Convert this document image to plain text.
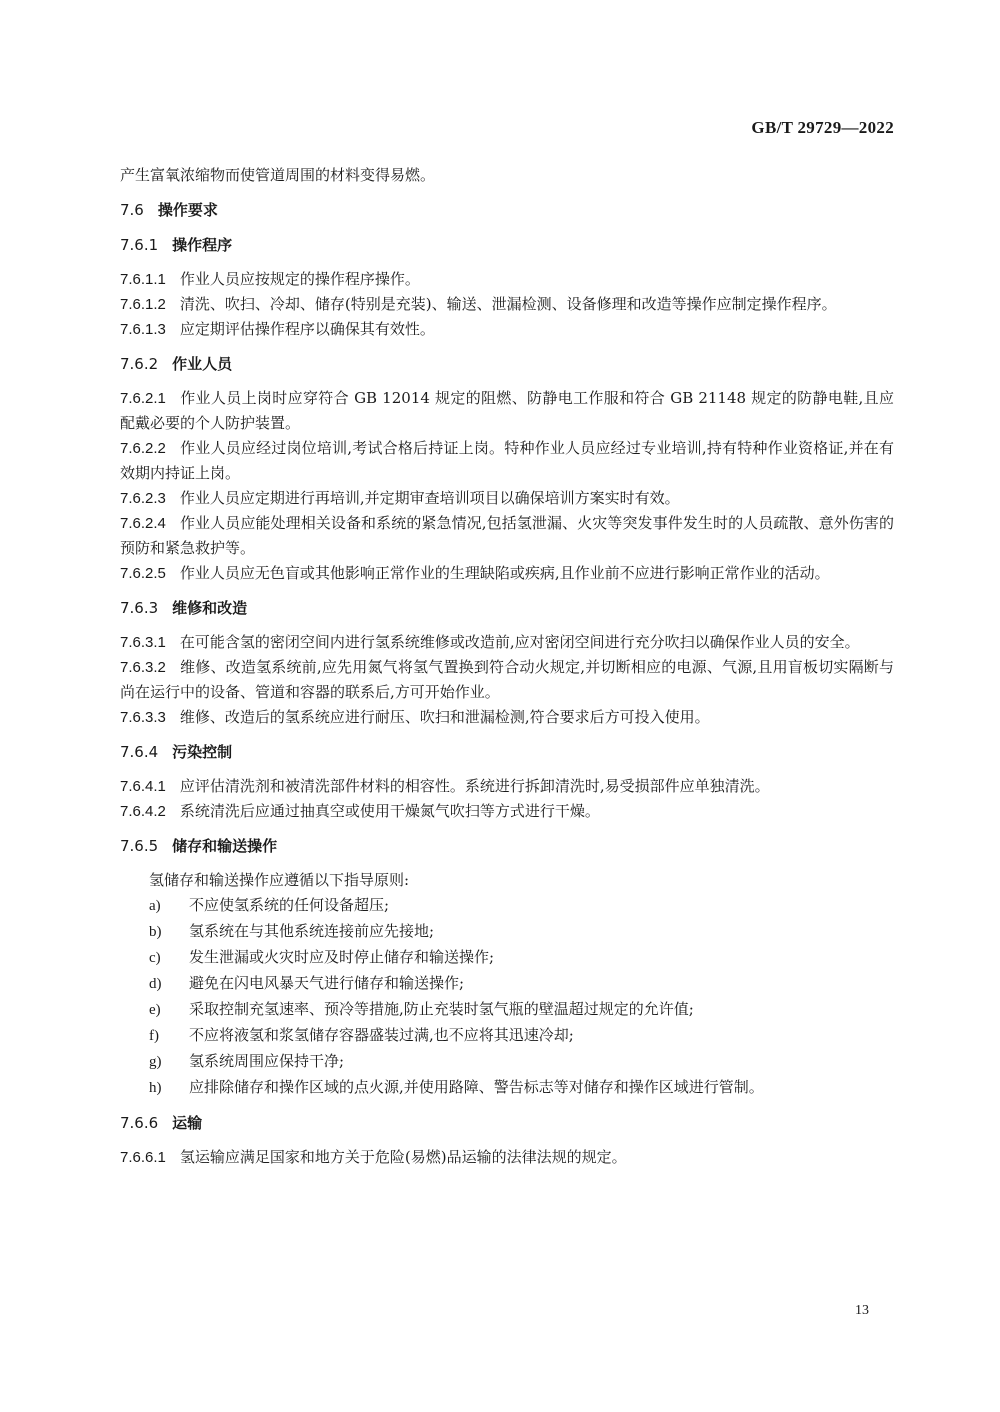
GB/T 29729—2022

产生富氧浓缩物而使管道周围的材料变得易燃。

7.6 操作要求
7.6.1 操作程序

7.6.1.1 作业人员应按规定的操作程序操作。

7.6.1.2 清洗、吹扫、冷却、储存(特别是充装)、输送、泄漏检测、设备修理和改造等操作应制定操作程序。

7.6.1.3 应定期评估操作程序以确保其有效性。

7.6.2 作业人员

7.6.2.1 作业人员上岗时应穿符合 GB 12014 规定的阻燃、防静电工作服和符合 GB 21148 规定的防静电鞋,且应配戴必要的个人防护装置。

7.6.2.2 作业人员应经过岗位培训,考试合格后持证上岗。特种作业人员应经过专业培训,持有特种作业资格证,并在有效期内持证上岗。

7.6.2.3 作业人员应定期进行再培训,并定期审查培训项目以确保培训方案实时有效。

7.6.2.4 作业人员应能处理相关设备和系统的紧急情况,包括氢泄漏、火灾等突发事件发生时的人员疏散、意外伤害的预防和紧急救护等。

7.6.2.5 作业人员应无色盲或其他影响正常作业的生理缺陷或疾病,且作业前不应进行影响正常作业的活动。

7.6.3 维修和改造

7.6.3.1 在可能含氢的密闭空间内进行氢系统维修或改造前,应对密闭空间进行充分吹扫以确保作业人员的安全。

7.6.3.2 维修、改造氢系统前,应先用氮气将氢气置换到符合动火规定,并切断相应的电源、气源,且用盲板切实隔断与尚在运行中的设备、管道和容器的联系后,方可开始作业。

7.6.3.3 维修、改造后的氢系统应进行耐压、吹扫和泄漏检测,符合要求后方可投入使用。

7.6.4 污染控制

7.6.4.1 应评估清洗剂和被清洗部件材料的相容性。系统进行拆卸清洗时,易受损部件应单独清洗。

7.6.4.2 系统清洗后应通过抽真空或使用干燥氮气吹扫等方式进行干燥。

7.6.5 储存和输送操作

氢储存和输送操作应遵循以下指导原则:

a) 不应使氢系统的任何设备超压;

b) 氢系统在与其他系统连接前应先接地;

c) 发生泄漏或火灾时应及时停止储存和输送操作;

d) 避免在闪电风暴天气进行储存和输送操作;

e) 采取控制充氢速率、预冷等措施,防止充装时氢气瓶的壁温超过规定的允许值;

f) 不应将液氢和浆氢储存容器盛装过满,也不应将其迅速冷却;

g) 氢系统周围应保持干净;

h) 应排除储存和操作区域的点火源,并使用路障、警告标志等对储存和操作区域进行管制。

7.6.6 运输

7.6.6.1 氢运输应满足国家和地方关于危险(易燃)品运输的法律法规的规定。

13
